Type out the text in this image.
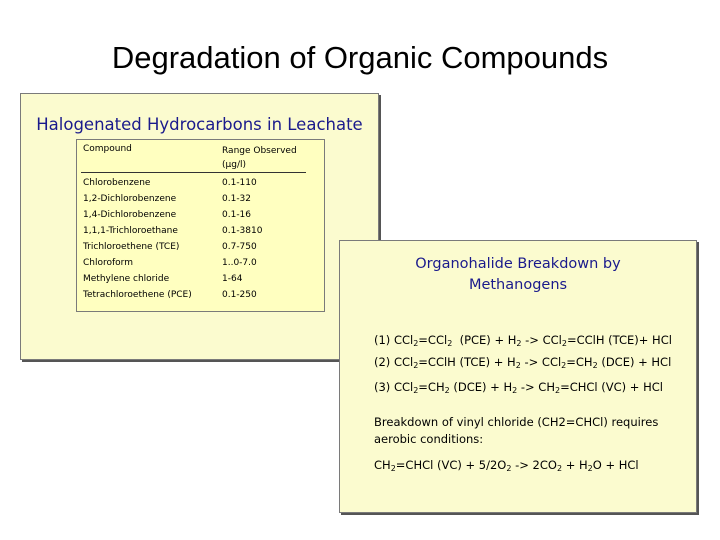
Degradation of Organic Compounds
Halogenated Hydrocarbons in Leachate
Compound	Range Observed
(µg/l)
Chlorobenzene	0.1-110
1,2-Dichlorobenzene	0.1-32
1,4-Dichlorobenzene	0.1-16
1,1,1-Trichloroethane	0.1-3810
Trichloroethene (TCE)	0.7-750
Chloroform	1..0-7.0
Methylene chloride	1-64
Tetrachloroethene (PCE)	0.1-250
Organohalide Breakdown by
Methanogens
(1) CCl$_2$=CCl$_2$  $(PCE) + H_2$ -> CCl$_2$=CClH (TCE)+ HCl
(2) CCl$_2$=CClH $(TCE) + H_2 -> CCl_2=CH_2$ (DCE) + HCl
(3) $CCl_2=CH_2$ $(DCE) + H_2$ -> $CH_2=CHCl$ (VC) + HCl
Breakdown of vinyl chloride (CH2=CHCl) requires aerobic conditions:
$CH_2=CHCl$ $(VC) + 5/2O_2 -> 2CO_2 + H_2O$ + HCl
